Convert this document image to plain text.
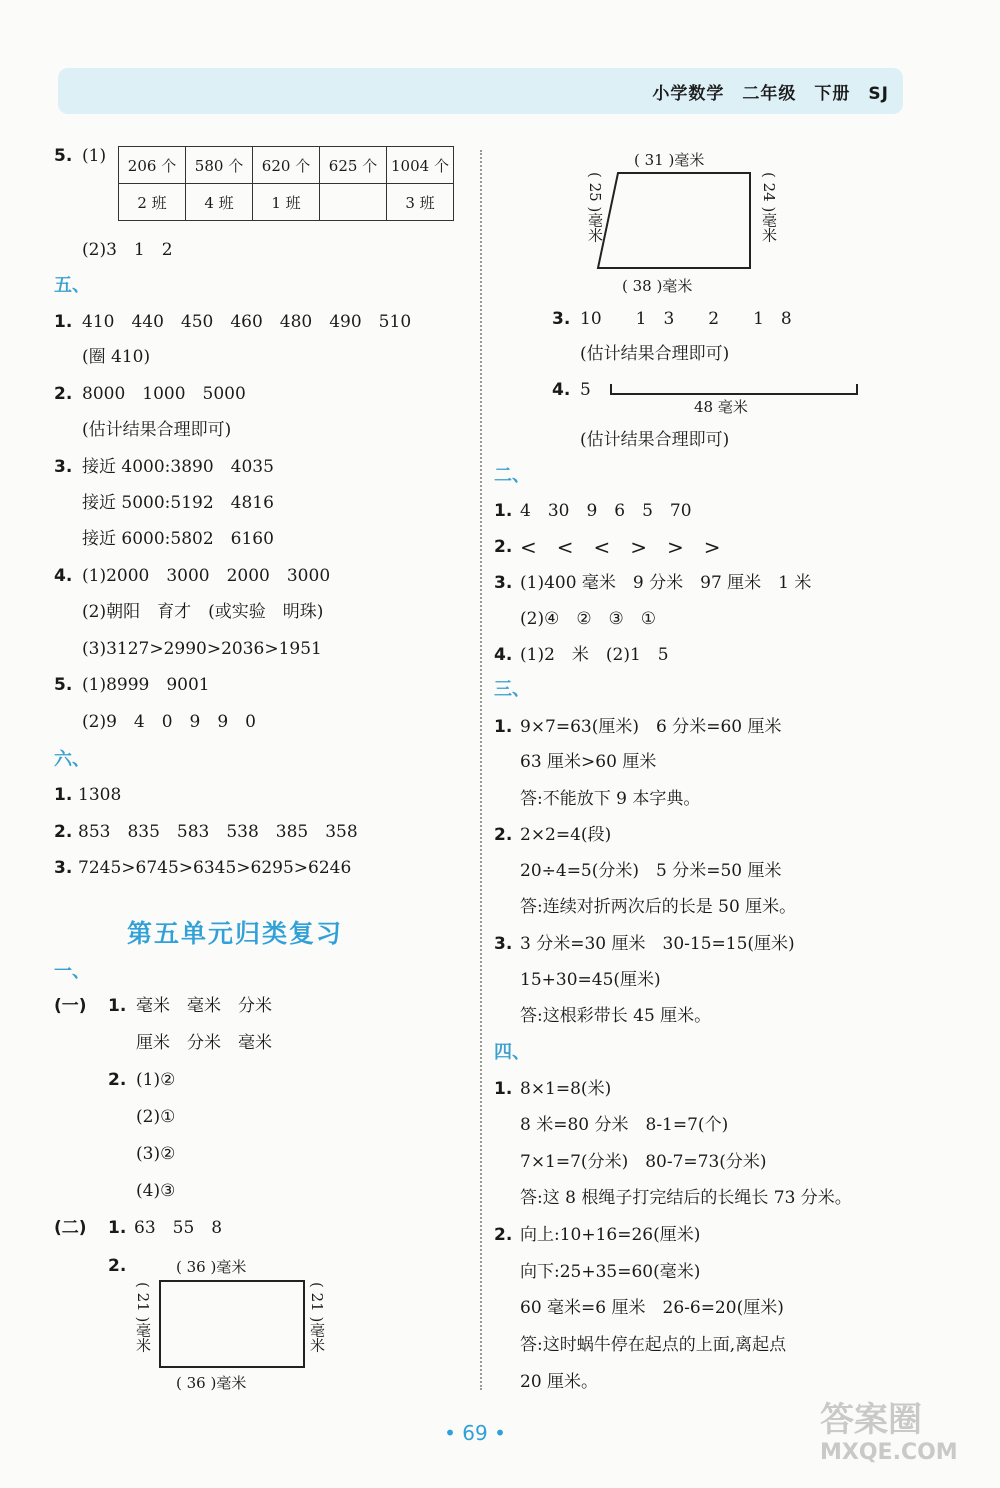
小学数学　二年级　下册　SJ
5. (1) 206 个	580 个	620 个	625 个	1004 个
2 班	4 班	1 班		3 班
(2)3　1　2
五、
1. 410　440　450　460　480　490　510
(圈 410)
2. 8000　1000　5000
(估计结果合理即可)
3. 接近 4000:3890　4035
接近 5000:5192　4816
接近 6000:5802　6160
4. (1)2000　3000　2000　3000
(2)朝阳　育才　(或实验　明珠)
(3)3127>2990>2036>1951
5. (1)8999　9001
(2)9　4　0　9　9　0
六、
1. 1308
2. 853　835　583　538　385　358
3. 7245>6745>6345>6295>6246
第五单元归类复习
一、
(一) 1. 毫米　毫米　分米
厘米　分米　毫米
2. (1)②
(2)①
(3)②
(4)③
(二) 1. 63　55　8
2.	( 36 )毫米
( 36 )毫米
( 21 )毫米	( 21 )毫米
( 31 )毫米
( 38 )毫米
( 25 )毫米	( 24 )毫米
3. 10　　1　3　　2　　1　8
(估计结果合理即可)
4. 5
48 毫米
(估计结果合理即可)
二、
1. 4　30　9　6　5　70
2. <　<　<　>　>　>
3. (1)400 毫米　9 分米　97 厘米　1 米
(2)④　②　③　①
4. (1)2　米　(2)1　5
三、
1. 9×7=63(厘米)　6 分米=60 厘米
63 厘米>60 厘米
答:不能放下 9 本字典。
2. 2×2=4(段)
20÷4=5(分米)　5 分米=50 厘米
答:连续对折两次后的长是 50 厘米。
3. 3 分米=30 厘米　30-15=15(厘米)
15+30=45(厘米)
答:这根彩带长 45 厘米。
四、
1. 8×1=8(米)
8 米=80 分米　8-1=7(个)
7×1=7(分米)　80-7=73(分米)
答:这 8 根绳子打完结后的长绳长 73 分米。
2. 向上:10+16=26(厘米)
向下:25+35=60(毫米)
60 毫米=6 厘米　26-6=20(厘米)
答:这时蜗牛停在起点的上面,离起点
20 厘米。
• 69 •	答案圈
MXQE.COM
